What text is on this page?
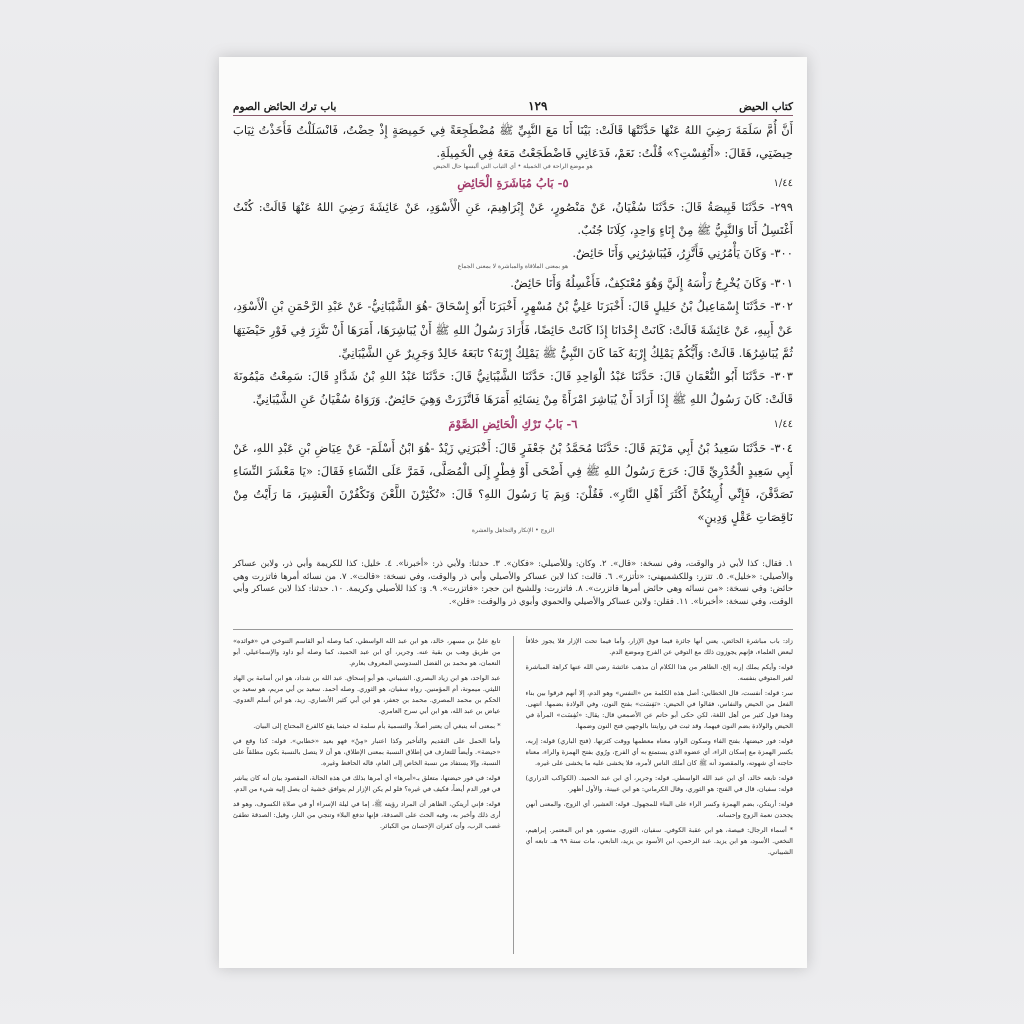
كتاب الحيض
١٢٩
باب ترك الحائض الصوم

أَنَّ أُمَّ سَلَمَةَ رَضِيَ اللهُ عَنْهَا حَدَّثَتْهَا قَالَتْ: بَيْنَا أَنَا مَعَ النَّبِيِّ ﷺ مُضْطَجِعَةً فِي خَمِيصَةٍ إِذْ حِضْتُ، فَانْسَلَلْتُ فَأَخَذْتُ ثِيَابَ حِيضَتِي، فَقَالَ: «أَنُفِسْتِ؟» قُلْتُ: نَعَمْ، فَدَعَانِي فَاضْطَجَعْتُ مَعَهُ فِي الْخَمِيلَةِ.

هو موضع الراحة في الخميلة • أي الثياب التي ألبسها حال الحيض
١/٤٤
٥- بَابُ مُبَاشَرَةِ الْحَائِضِ

٢٩٩- حَدَّثَنَا قَبِيصَةُ قَالَ: حَدَّثَنَا سُفْيَانُ، عَنْ مَنْصُورٍ، عَنْ إِبْرَاهِيمَ، عَنِ الْأَسْوَدِ، عَنْ عَائِشَةَ رَضِيَ اللهُ عَنْهَا قَالَتْ: كُنْتُ أَغْتَسِلُ أَنَا وَالنَّبِيُّ ﷺ مِنْ إِنَاءٍ وَاحِدٍ، كِلَانَا جُنُبٌ.

٣٠٠- وَكَانَ يَأْمُرُنِي فَأَتَّزِرُ، فَيُبَاشِرُنِي وَأَنَا حَائِضٌ.

هو بمعنى الملاقاة والمباشرة لا بمعنى الجماع

٣٠١- وَكَانَ يُخْرِجُ رَأْسَهُ إِلَيَّ وَهُوَ مُعْتَكِفٌ، فَأَغْسِلُهُ وَأَنَا حَائِضٌ.

٣٠٢- حَدَّثَنَا إِسْمَاعِيلُ بْنُ خَلِيلٍ قَالَ: أَخْبَرَنَا عَلِيٌّ بْنُ مُسْهِرٍ، أَخْبَرَنَا أَبُو إِسْحَاقَ -هُوَ الشَّيْبَانِيُّ- عَنْ عَبْدِ الرَّحْمَنِ بْنِ الْأَسْوَدِ، عَنْ أَبِيهِ، عَنْ عَائِشَةَ قَالَتْ: كَانَتْ إِحْدَانَا إِذَا كَانَتْ حَائِضًا، فَأَرَادَ رَسُولُ اللهِ ﷺ أَنْ يُبَاشِرَهَا، أَمَرَهَا أَنْ تَتَّزِرَ فِي فَوْرِ حَيْضَتِهَا ثُمَّ يُبَاشِرُهَا. قَالَتْ: وَأَيُّكُمْ يَمْلِكُ إِرْبَهُ كَمَا كَانَ النَّبِيُّ ﷺ يَمْلِكُ إِرْبَهُ؟ تَابَعَهُ خَالِدٌ وَجَرِيرٌ عَنِ الشَّيْبَانِيِّ.

٣٠٣- حَدَّثَنَا أَبُو النُّعْمَانِ قَالَ: حَدَّثَنَا عَبْدُ الْوَاحِدِ قَالَ: حَدَّثَنَا الشَّيْبَانِيُّ قَالَ: حَدَّثَنَا عَبْدُ اللهِ بْنُ شَدَّادٍ قَالَ: سَمِعْتُ مَيْمُونَةَ قَالَتْ: كَانَ رَسُولُ اللهِ ﷺ إِذَا أَرَادَ أَنْ يُبَاشِرَ امْرَأَةً مِنْ نِسَائِهِ أَمَرَهَا فَاتَّزَرَتْ وَهِيَ حَائِضٌ. وَرَوَاهُ سُفْيَانُ عَنِ الشَّيْبَانِيِّ.

١/٤٤
٦- بَابُ تَرْكِ الْحَائِضِ الصَّوْمَ

٣٠٤- حَدَّثَنَا سَعِيدُ بْنُ أَبِي مَرْيَمَ قَالَ: حَدَّثَنَا مُحَمَّدُ بْنُ جَعْفَرٍ قَالَ: أَخْبَرَنِي زَيْدٌ -هُوَ ابْنُ أَسْلَمَ- عَنْ عِيَاضِ بْنِ عَبْدِ اللهِ، عَنْ أَبِي سَعِيدٍ الْخُدْرِيِّ قَالَ: خَرَجَ رَسُولُ اللهِ ﷺ فِي أَضْحَى أَوْ فِطْرٍ إِلَى الْمُصَلَّى، فَمَرَّ عَلَى النِّسَاءِ فَقَالَ: «يَا مَعْشَرَ النِّسَاءِ تَصَدَّقْنَ، فَإِنِّي أُرِيتُكُنَّ أَكْثَرَ أَهْلِ النَّارِ». فَقُلْنَ: وَبِمَ يَا رَسُولَ اللهِ؟ قَالَ: «تُكْثِرْنَ اللَّعْنَ وَتَكْفُرْنَ الْعَشِيرَ، مَا رَأَيْتُ مِنْ نَاقِصَاتِ عَقْلٍ وَدِينٍ»

الزوج • الإنكار والتجاهل والعشرة

١. فقال: كذا لأبي ذر والوقت، وفي نسخة: «قال». ٢. وكان: وللأصيلي: «فكان». ٣. حدثنا: ولأبي ذر: «أخبرنا». ٤. خليل: كذا للكريمة وأبي ذر، ولابن عساكر والأصيلي: «خليل». ٥. تتزر: وللكشميهني: «تأتزر». ٦. قالت: كذا لابن عساكر والأصيلي وأبي ذر والوقت، وفي نسخة: «قالت». ٧. من نسائه أمرها فاتزرت وهي حائض: وفي نسخة: «من نسائه وهي حائض أمرها فاتزرت». ٨. فاتزرت: وللشيخ ابن حجر: «فاتزرت». ٩. وَ: كذا للأصيلي وكريمة. ١٠. حدثنا: كذا لابن عساكر وأبي الوقت، وفي نسخة: «أخبرنا». ١١. فقلن: ولابن عساكر والأصيلي والحموي وأبوي ذر والوقت: «قلن».

زاد: باب مباشرة الحائض، يعني أنها جائزة فيما فوق الإزار، وأما فيما تحت الإزار فلا يجوز خلافاً لبعض العلماء، فإنهم يجوزون ذلك مع التوقي عن الفرج وموضع الدم.

قوله: وأيكم يملك إربه إلخ، الظاهر من هذا الكلام أن مذهب عائشة رضي الله عنها كراهة المباشرة لغير المتوقي بنفسه.

سر: قوله: أنفست، قال الخطابي: أصل هذه الكلمة من «النفس» وهو الدم، إلا أنهم فرقوا بين بناء الفعل من الحيض والنفاس، فقالوا في الحيض: «نَفِسَت» بفتح النون، وفي الولادة بضمها. انتهى. وهذا قول كثير من أهل اللغة، لكن حكى أبو حاتم عن الأصمعي قال: يقال: «نُفِسَت» المرأة في الحيض والولادة بضم النون فيهما، وقد ثبت في روايتنا بالوجهين فتح النون وضمها.

قوله: فور حيضتها، بفتح الفاء وسكون الواو، معناه معظمها ووقت كثرتها. (فتح الباري) قوله: إربه، بكسر الهمزة مع إسكان الراء، أي عضوه الذي يستمتع به أي الفرج، ورُوي بفتح الهمزة والراء، معناه حاجته أي شهوته، والمقصود أنه ﷺ كان أملك الناس لأمره، فلا يخشى عليه ما يخشى على غيره.

قوله: تابعه خالد، أي ابن عبد الله الواسطي. قوله: وجرير، أي ابن عبد الحميد. (الكواكب الدراري) قوله: سفيان، قال في الفتح: هو الثوري، وقال الكرماني: هو ابن عيينة، والأول أظهر.

قوله: أريتكن، بضم الهمزة وكسر الراء على البناء للمجهول. قوله: العشير، أي الزوج، والمعنى أنهن يجحدن نعمة الزوج وإحسانه.

* أسماء الرجال: قبيصة، هو ابن عقبة الكوفي. سفيان، الثوري. منصور، هو ابن المعتمر. إبراهيم، النخعي. الأسود، هو ابن يزيد. عبد الرحمن، ابن الأسود بن يزيد، التابعي، مات سنة ٩٩ هـ. تابعه أي الشيباني.

تابع عليَّ بن مسهر، خالد، هو ابن عبد الله الواسطي، كما وصله أبو القاسم التنوخي في «فوائده» من طريق وهب بن بقية عنه. وجرير، أي ابن عبد الحميد، كما وصله أبو داود والإسماعيلي. أبو النعمان، هو محمد بن الفضل السدوسي المعروف بعارم.

عبد الواحد، هو ابن زياد البصري. الشيباني، هو أبو إسحاق. عبد الله بن شداد، هو ابن أسامة بن الهاد الليثي. ميمونة، أم المؤمنين. رواه سفيان، هو الثوري. وصله أحمد. سعيد بن أبي مريم، هو سعيد بن الحكم بن محمد المصري. محمد بن جعفر، هو ابن أبي كثير الأنصاري. زيد، هو ابن أسلم العدوي. عياض بن عبد الله، هو ابن أبي سرح العامري.

* بمعنى أنه ينبغي أن يعتبر أصلاً، والتسمية بأم سلمة له حيثما يقع كالفرع المحتاج إلى البيان.

وأما الحمل على التقديم والتأخير وكذا اعتبار «مِنْ» فهو بعيد «خطابي». قوله: كذا وقع في «حيضة». وأيضاً للتعارف في إطلاق النسبة بمعنى الإطلاق، هو أن لا يتصل بالنسبة بكون مطلقاً على النسبة، وإلا يستفاد من نسبة الخاص إلى العام، قاله الحافظ وغيره.

قوله: في فور حيضتها، متعلق بـ«أمرها» أي أمرها بذلك في هذه الحالة، المقصود بيان أنه كان يباشر في فور الدم أيضاً، فكيف في غيره؟ فلو لم يكن الإزار لم يتوافق خشية أن يصل إليه شيء من الدم.

قوله: فإني أريتكن، الظاهر أن المراد رؤيته ﷺ، إما في ليلة الإسراء أو في صلاة الكسوف، وهو قد أرى ذلك وأخبر به، وفيه الحث على الصدقة، فإنها تدفع البلاء وتنجي من النار، وقيل: الصدقة تطفئ غضب الرب، وأن كفران الإحسان من الكبائر.
